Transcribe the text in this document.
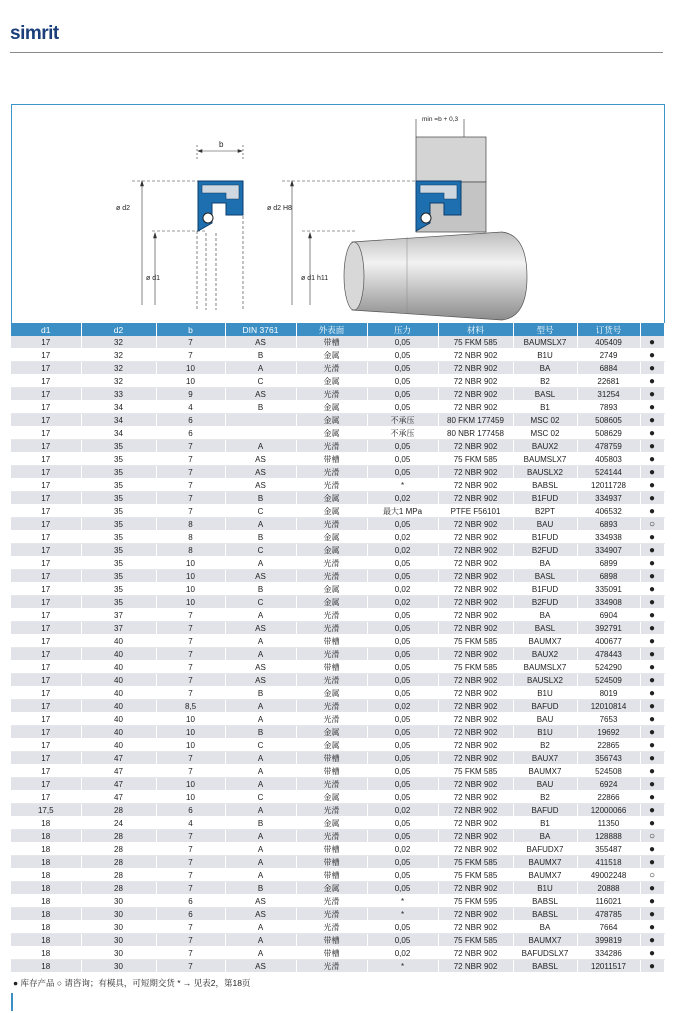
simrit
b
ø d2
ø d1
min =b + 0,3
ø d2 H8
ø d1 h11
d1	d2	b	DIN 3761	外表面	压力	材料	型号	订货号	
17	32	7	AS	带槽	0,05	75 FKM 585	BAUMSLX7	405409	●
17	32	7	B	金属	0,05	72 NBR 902	B1U	2749	●
17	32	10	A	光滑	0,05	72 NBR 902	BA	6884	●
17	32	10	C	金属	0,05	72 NBR 902	B2	22681	●
17	33	9	AS	光滑	0,05	72 NBR 902	BASL	31254	●
17	34	4	B	金属	0,05	72 NBR 902	B1	7893	●
17	34	6		金属	不承压	80 FKM 177459	MSC 02	508605	●
17	34	6		金属	不承压	80 NBR 177458	MSC 02	508629	●
17	35	7	A	光滑	0,05	72 NBR 902	BAUX2	478759	●
17	35	7	AS	带槽	0,05	75 FKM 585	BAUMSLX7	405803	●
17	35	7	AS	光滑	0,05	72 NBR 902	BAUSLX2	524144	●
17	35	7	AS	光滑	*	72 NBR 902	BABSL	12011728	●
17	35	7	B	金属	0,02	72 NBR 902	B1FUD	334937	●
17	35	7	C	金属	最大1 MPa	PTFE F56101	B2PT	406532	●
17	35	8	A	光滑	0,05	72 NBR 902	BAU	6893	○
17	35	8	B	金属	0,02	72 NBR 902	B1FUD	334938	●
17	35	8	C	金属	0,02	72 NBR 902	B2FUD	334907	●
17	35	10	A	光滑	0,05	72 NBR 902	BA	6899	●
17	35	10	AS	光滑	0,05	72 NBR 902	BASL	6898	●
17	35	10	B	金属	0,02	72 NBR 902	B1FUD	335091	●
17	35	10	C	金属	0,02	72 NBR 902	B2FUD	334908	●
17	37	7	A	光滑	0,05	72 NBR 902	BA	6904	●
17	37	7	AS	光滑	0,05	72 NBR 902	BASL	392791	●
17	40	7	A	带槽	0,05	75 FKM 585	BAUMX7	400677	●
17	40	7	A	光滑	0,05	72 NBR 902	BAUX2	478443	●
17	40	7	AS	带槽	0,05	75 FKM 585	BAUMSLX7	524290	●
17	40	7	AS	光滑	0,05	72 NBR 902	BAUSLX2	524509	●
17	40	7	B	金属	0,05	72 NBR 902	B1U	8019	●
17	40	8,5	A	光滑	0,02	72 NBR 902	BAFUD	12010814	●
17	40	10	A	光滑	0,05	72 NBR 902	BAU	7653	●
17	40	10	B	金属	0,05	72 NBR 902	B1U	19692	●
17	40	10	C	金属	0,05	72 NBR 902	B2	22865	●
17	47	7	A	带槽	0,05	72 NBR 902	BAUX7	356743	●
17	47	7	A	带槽	0,05	75 FKM 585	BAUMX7	524508	●
17	47	10	A	光滑	0,05	72 NBR 902	BAU	6924	●
17	47	10	C	金属	0,05	72 NBR 902	B2	22866	●
17,5	28	6	A	光滑	0,02	72 NBR 902	BAFUD	12000066	●
18	24	4	B	金属	0,05	72 NBR 902	B1	11350	●
18	28	7	A	光滑	0,05	72 NBR 902	BA	128888	○
18	28	7	A	带槽	0,02	72 NBR 902	BAFUDX7	355487	●
18	28	7	A	带槽	0,05	75 FKM 585	BAUMX7	411518	●
18	28	7	A	带槽	0,05	75 FKM 585	BAUMX7	49002248	○
18	28	7	B	金属	0,05	72 NBR 902	B1U	20888	●
18	30	6	AS	光滑	*	75 FKM 595	BABSL	116021	●
18	30	6	AS	光滑	*	72 NBR 902	BABSL	478785	●
18	30	7	A	光滑	0,05	72 NBR 902	BA	7664	●
18	30	7	A	带槽	0,05	75 FKM 585	BAUMX7	399819	●
18	30	7	A	带槽	0,02	72 NBR 902	BAFUDSLX7	334286	●
18	30	7	AS	光滑	*	72 NBR 902	BABSL	12011517	●
● 库存产品 ○ 请咨询；有模具，可短期交货 * → 见表2，第18页
